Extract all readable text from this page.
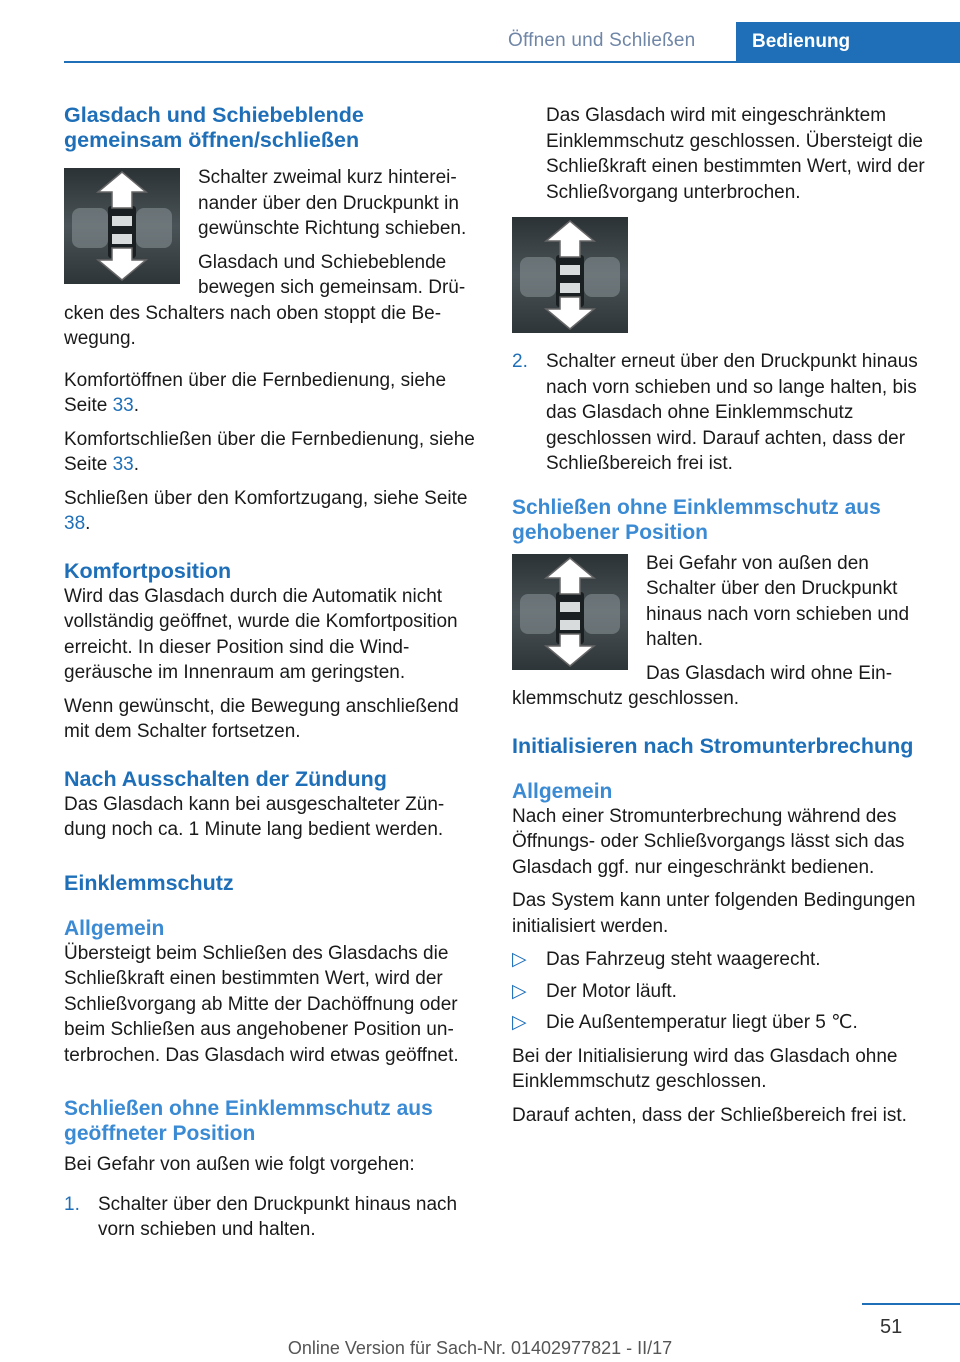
Öffnen und Schließen	Bedienung
Glasdach und Schiebeblende gemeinsam öffnen/schließen

Schalter zweimal kurz hintereinander über den Druckpunkt in gewünschte Richtung schieben.

Glasdach und Schiebeblende bewegen sich gemeinsam. Drücken des Schalters nach oben stoppt die Bewegung.

Komfortöffnen über die Fernbedienung, siehe Seite 33.

Komfortschließen über die Fernbedienung, siehe Seite 33.

Schließen über den Komfortzugang, siehe Seite 38.

Komfortposition

Wird das Glasdach durch die Automatik nicht vollständig geöffnet, wurde die Komfortposition erreicht. In dieser Position sind die Windgeräusche im Innenraum am geringsten.

Wenn gewünscht, die Bewegung anschließend mit dem Schalter fortsetzen.

Nach Ausschalten der Zündung

Das Glasdach kann bei ausgeschalteter Zündung noch ca. 1 Minute lang bedient werden.

Einklemmschutz
Allgemein

Übersteigt beim Schließen des Glasdachs die Schließkraft einen bestimmten Wert, wird der Schließvorgang ab Mitte der Dachöffnung oder beim Schließen aus angehobener Position unterbrochen. Das Glasdach wird etwas geöffnet.

Schließen ohne Einklemmschutz aus geöffneter Position

Bei Gefahr von außen wie folgt vorgehen:

1. Schalter über den Druckpunkt hinaus nach vorn schieben und halten.

Das Glasdach wird mit eingeschränktem Einklemmschutz geschlossen. Übersteigt die Schließkraft einen bestimmten Wert, wird der Schließvorgang unterbrochen.

2. Schalter erneut über den Druckpunkt hinaus nach vorn schieben und so lange halten, bis das Glasdach ohne Einklemmschutz geschlossen wird. Darauf achten, dass der Schließbereich frei ist.
Schließen ohne Einklemmschutz aus gehobener Position

Bei Gefahr von außen den Schalter über den Druckpunkt hinaus nach vorn schieben und halten.

Das Glasdach wird ohne Einklemmschutz geschlossen.

Initialisieren nach Stromunterbrechung
Allgemein

Nach einer Stromunterbrechung während des Öffnungs- oder Schließvorgangs lässt sich das Glasdach ggf. nur eingeschränkt bedienen.

Das System kann unter folgenden Bedingungen initialisiert werden.

▷ Das Fahrzeug steht waagerecht.
▷ Der Motor läuft.
▷ Die Außentemperatur liegt über 5 ℃.

Bei der Initialisierung wird das Glasdach ohne Einklemmschutz geschlossen.

Darauf achten, dass der Schließbereich frei ist.

51
Online Version für Sach-Nr. 01402977821 - II/17
